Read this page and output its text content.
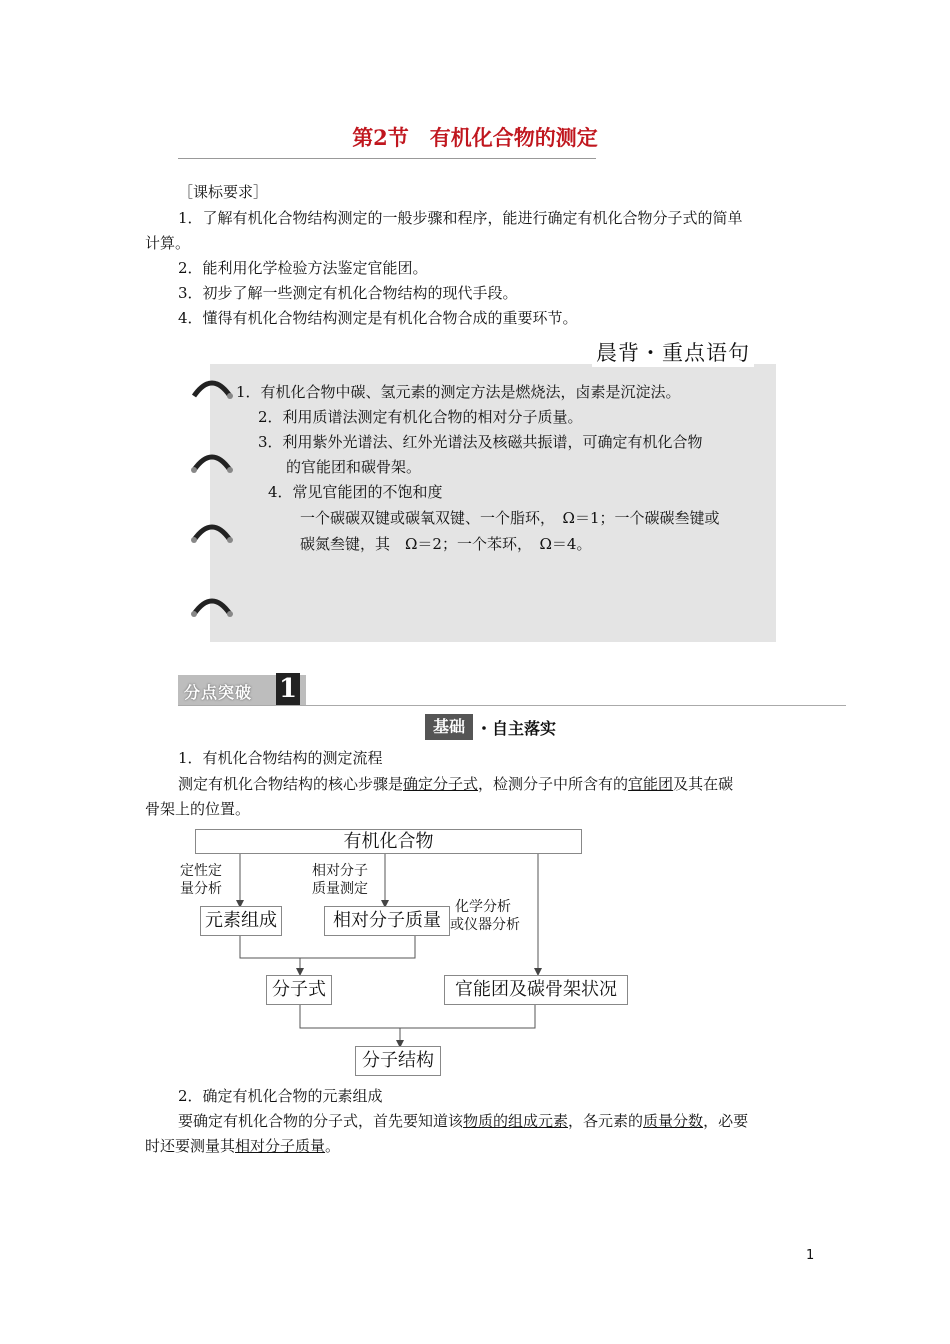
第2节　有机化合物的测定
［课标要求］
1．了解有机化合物结构测定的一般步骤和程序，能进行确定有机化合物分子式的简单
计算。
2．能利用化学检验方法鉴定官能团。
3．初步了解一些测定有机化合物结构的现代手段。
4．懂得有机化合物结构测定是有机化合物合成的重要环节。
晨背・重点语句
1．有机化合物中碳、氢元素的测定方法是燃烧法，卤素是沉淀法。
2．利用质谱法测定有机化合物的相对分子质量。
3．利用紫外光谱法、红外光谱法及核磁共振谱，可确定有机化合物
的官能团和碳骨架。
4．常见官能团的不饱和度
一个碳碳双键或碳氧双键、一个脂环，　Ω＝1；一个碳碳叁键或
碳氮叁键，其　Ω＝2；一个苯环，　Ω＝4。
分点突破 1
基础 ・自主落实
1．有机化合物结构的测定流程
测定有机化合物结构的核心步骤是确定分子式，检测分子中所含有的官能团及其在碳
骨架上的位置。
有机化合物
定性定
量分析
相对分子
质量测定
化学分析
或仪器分析
元素组成	相对分子质量
分子式	官能团及碳骨架状况
分子结构
2．确定有机化合物的元素组成
要确定有机化合物的分子式，首先要知道该物质的组成元素，各元素的质量分数，必要
时还要测量其相对分子质量。
1
